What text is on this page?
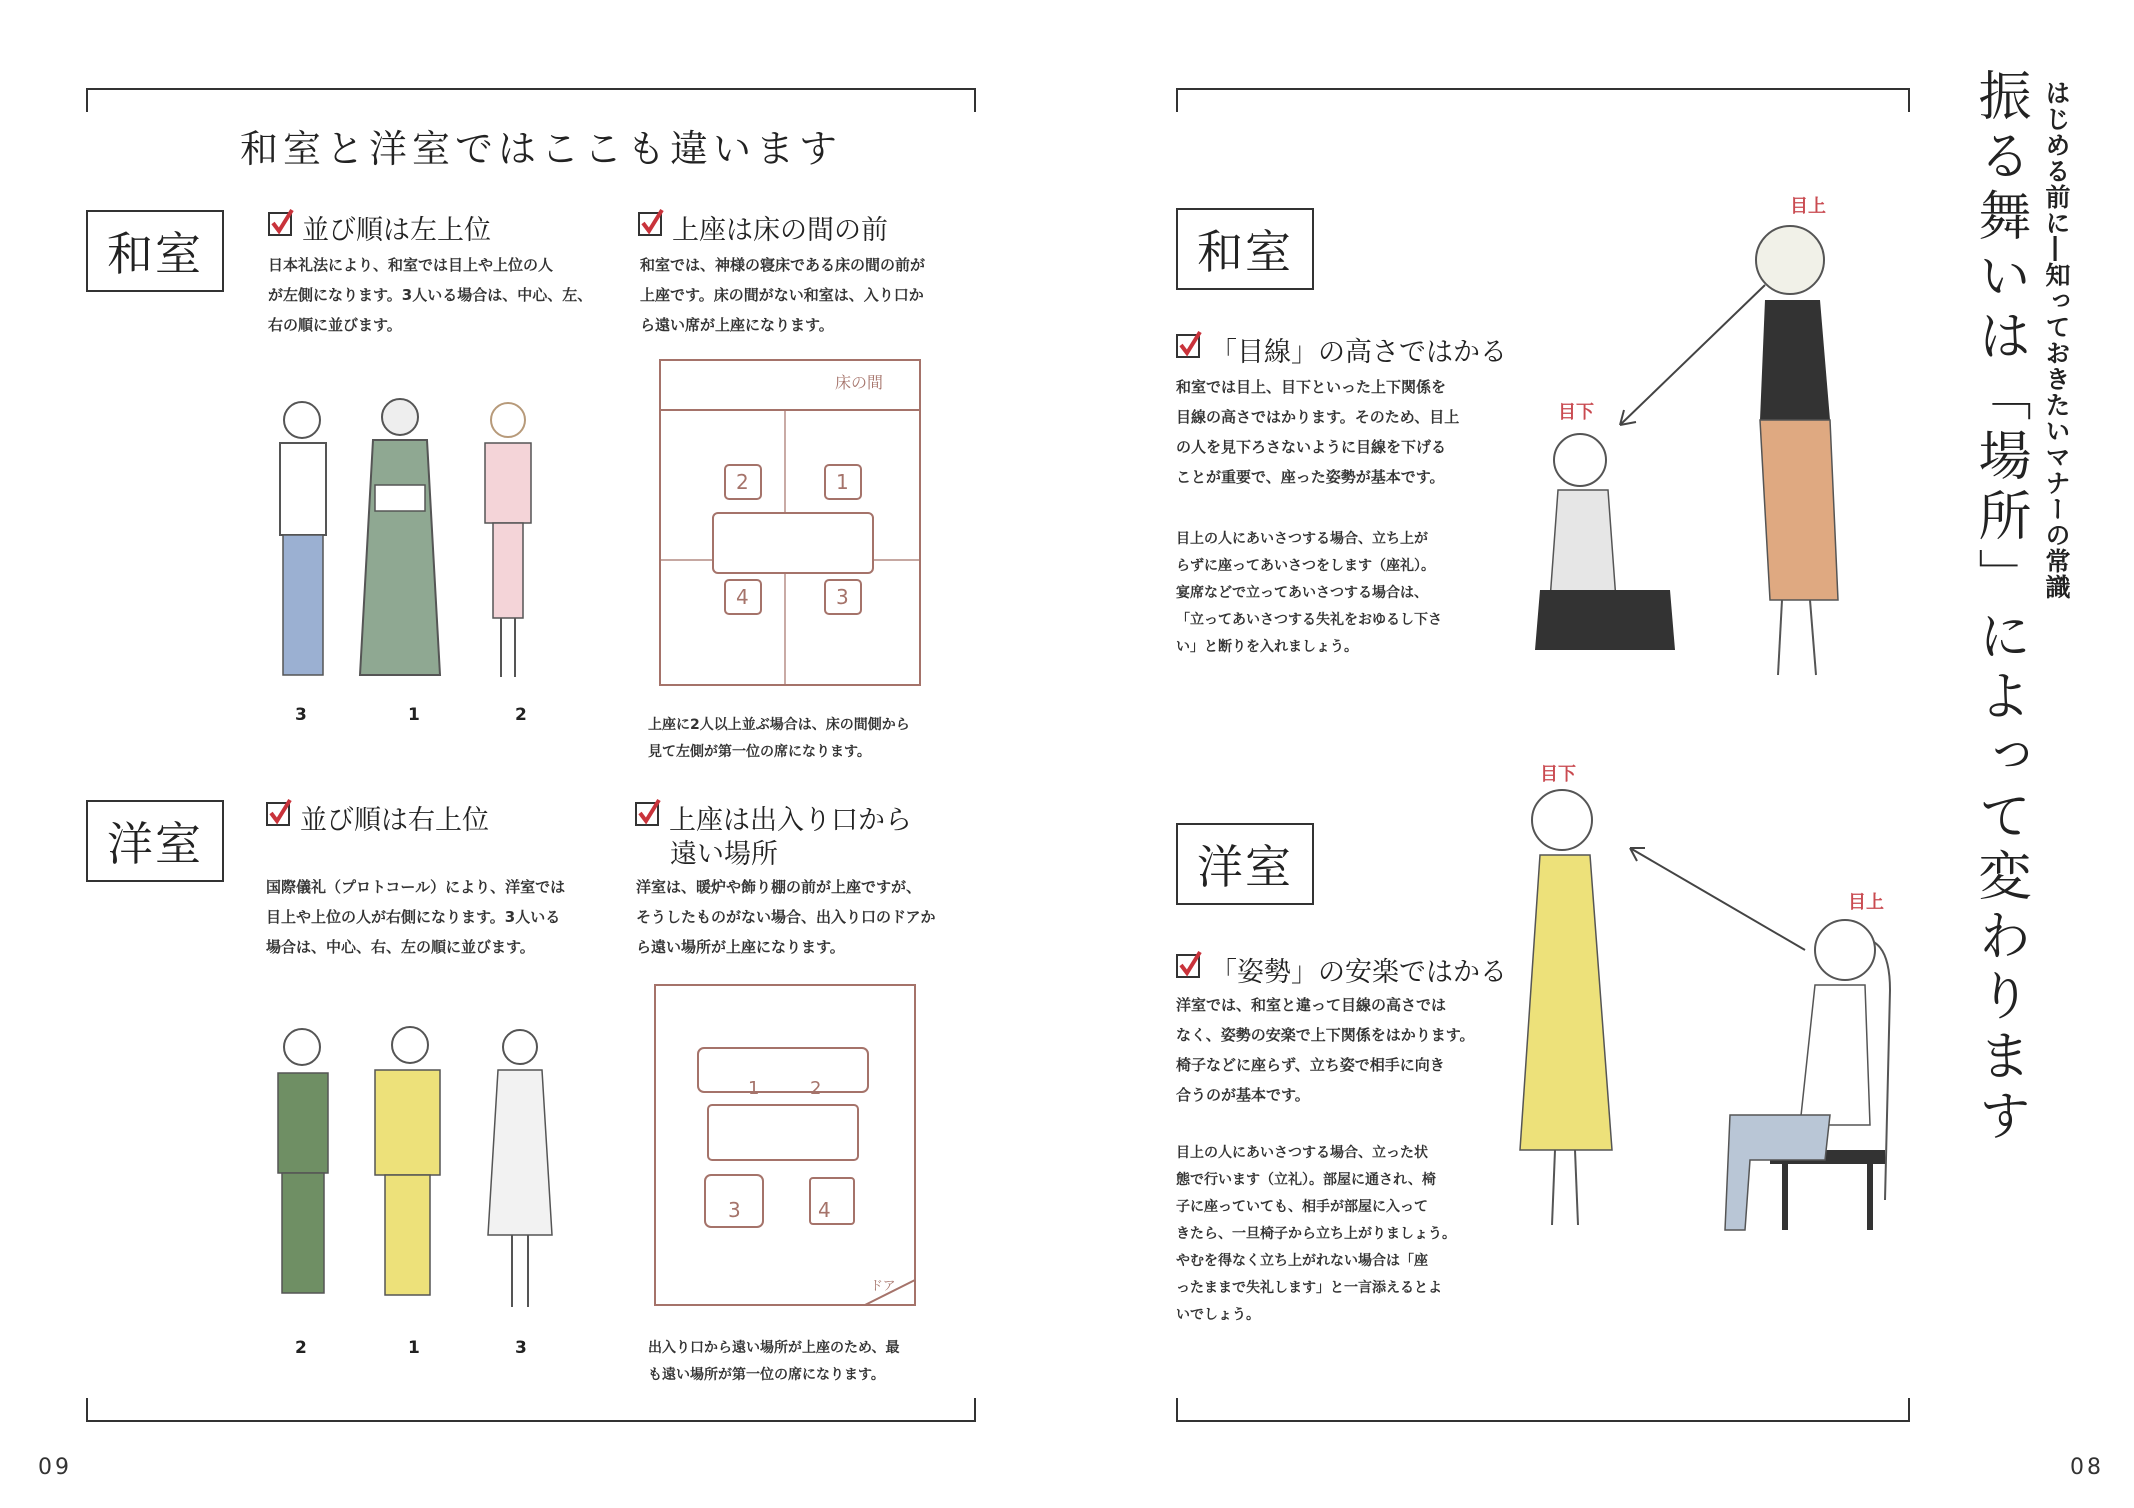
和室と洋室ではここも違います
和室
洋室
並び順は左上位
日本礼法により、和室では目上や上位の人
が左側になります。3人いる場合は、中心、左、
右の順に並びます。
3	1	2
上座は床の間の前
和室では、神様の寝床である床の間の前が
上座です。床の間がない和室は、入り口か
ら遠い席が上座になります。
床の間
2	1
4	3
上座に2人以上並ぶ場合は、床の間側から
見て左側が第一位の席になります。
並び順は右上位
国際儀礼（プロトコール）により、洋室では
目上や上位の人が右側になります。3人いる
場合は、中心、右、左の順に並びます。
2	1	3
上座は出入り口から
遠い場所
洋室は、暖炉や飾り棚の前が上座ですが、
そうしたものがない場合、出入り口のドアか
ら遠い場所が上座になります。
1	2
3	4
ドア
出入り口から遠い場所が上座のため、最
も遠い場所が第一位の席になります。
09
はじめる前に―知っておきたいマナーの常識
振る舞いは「場所」によって変わります
和室
洋室
「目線」の高さではかる
和室では目上、目下といった上下関係を
目線の高さではかります。そのため、目上
の人を見下ろさないように目線を下げる
ことが重要で、座った姿勢が基本です。
目上の人にあいさつする場合、立ち上が
らずに座ってあいさつをします（座礼）。
宴席などで立ってあいさつする場合は、
「立ってあいさつする失礼をおゆるし下さ
い」と断りを入れましょう。
目上
目下
「姿勢」の安楽ではかる
洋室では、和室と違って目線の高さでは
なく、姿勢の安楽で上下関係をはかります。
椅子などに座らず、立ち姿で相手に向き
合うのが基本です。
目上の人にあいさつする場合、立った状
態で行います（立礼）。部屋に通され、椅
子に座っていても、相手が部屋に入って
きたら、一旦椅子から立ち上がりましょう。
やむを得なく立ち上がれない場合は「座
ったままで失礼します」と一言添えるとよ
いでしょう。
目下
目上
08
